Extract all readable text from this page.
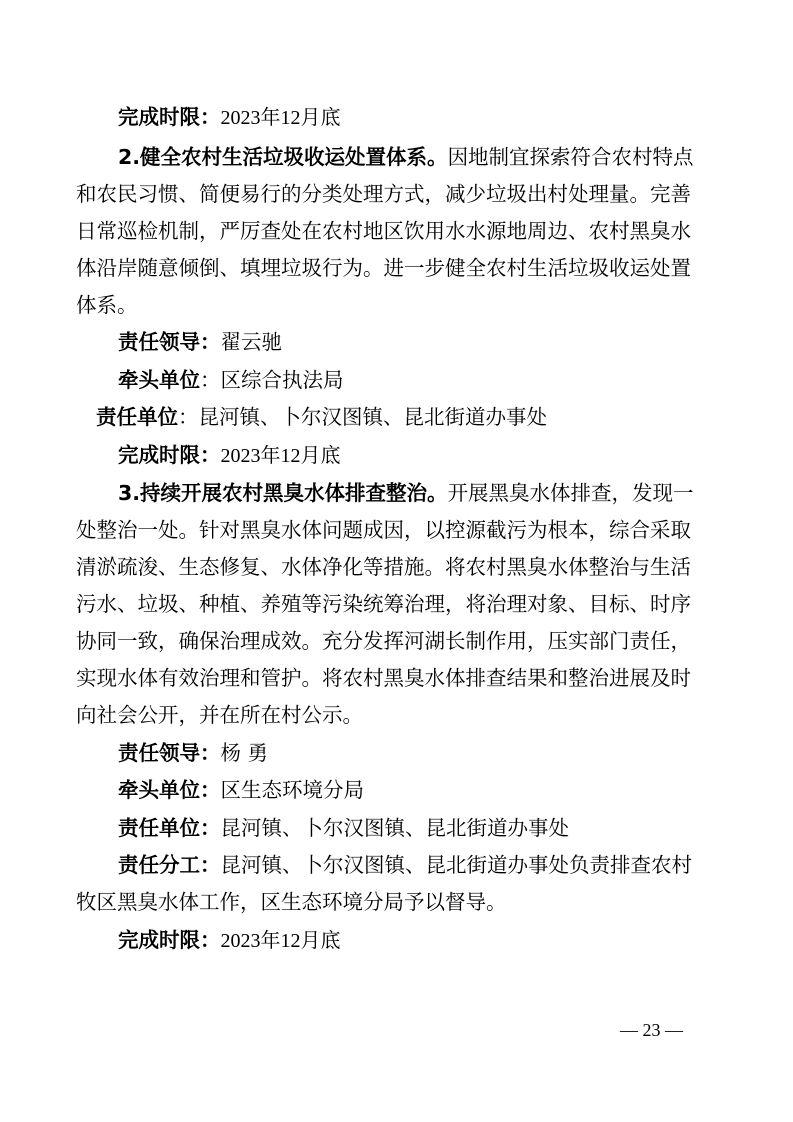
完成时限：2023年12月底
2.健全农村生活垃圾收运处置体系。因地制宜探索符合农村特点
和农民习惯、简便易行的分类处理方式，减少垃圾出村处理量。完善
日常巡检机制，严厉查处在农村地区饮用水水源地周边、农村黑臭水
体沿岸随意倾倒、填埋垃圾行为。进一步健全农村生活垃圾收运处置
体系。
责任领导：翟云驰
牵头单位：区综合执法局
责任单位：昆河镇、卜尔汉图镇、昆北街道办事处
完成时限：2023年12月底
3.持续开展农村黑臭水体排查整治。开展黑臭水体排查，发现一
处整治一处。针对黑臭水体问题成因，以控源截污为根本，综合采取
清淤疏浚、生态修复、水体净化等措施。将农村黑臭水体整治与生活
污水、垃圾、种植、养殖等污染统筹治理，将治理对象、目标、时序
协同一致，确保治理成效。充分发挥河湖长制作用，压实部门责任，
实现水体有效治理和管护。将农村黑臭水体排查结果和整治进展及时
向社会公开，并在所在村公示。
责任领导：杨 勇
牵头单位：区生态环境分局
责任单位：昆河镇、卜尔汉图镇、昆北街道办事处
责任分工：昆河镇、卜尔汉图镇、昆北街道办事处负责排查农村
牧区黑臭水体工作，区生态环境分局予以督导。
完成时限：2023年12月底
— 23 —
